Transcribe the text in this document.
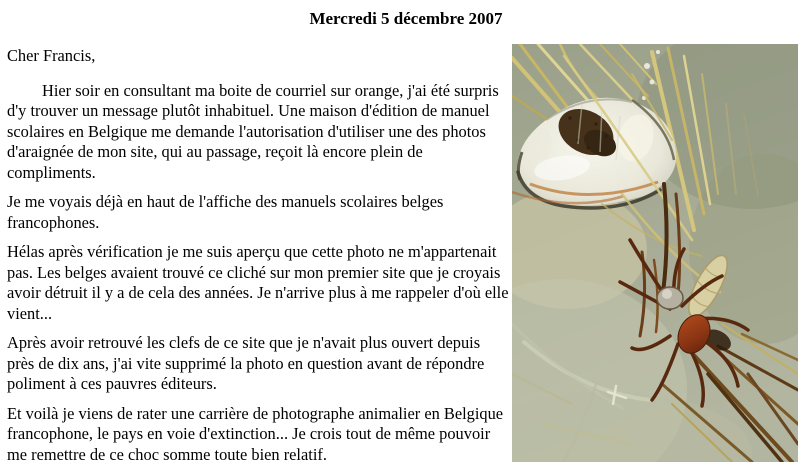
Mercredi 5 décembre 2007

Cher Francis,

Hier soir en consultant ma boite de courriel sur orange, j'ai été surpris d'y trouver un message plutôt inhabituel. Une maison d'édition de manuel scolaires en Belgique me demande l'autorisation d'utiliser une des photos d'araignée de mon site, qui au passage, reçoit là encore plein de compliments.

Je me voyais déjà en haut de l'affiche des manuels scolaires belges francophones.

Hélas après vérification je me suis aperçu que cette photo ne m'appartenait pas. Les belges avaient trouvé ce cliché sur mon premier site que je croyais avoir détruit il y a de cela des années. Je n'arrive plus à me rappeler d'où elle vient...

Après avoir retrouvé les clefs de ce site que je n'avait plus ouvert depuis près de dix ans, j'ai vite supprimé la photo en question avant de répondre poliment à ces pauvres éditeurs.

Et voilà je viens de rater une carrière de photographe animalier en Belgique francophone, le pays en voie d'extinction... Je crois tout de même pouvoir me remettre de ce choc somme toute bien relatif.
